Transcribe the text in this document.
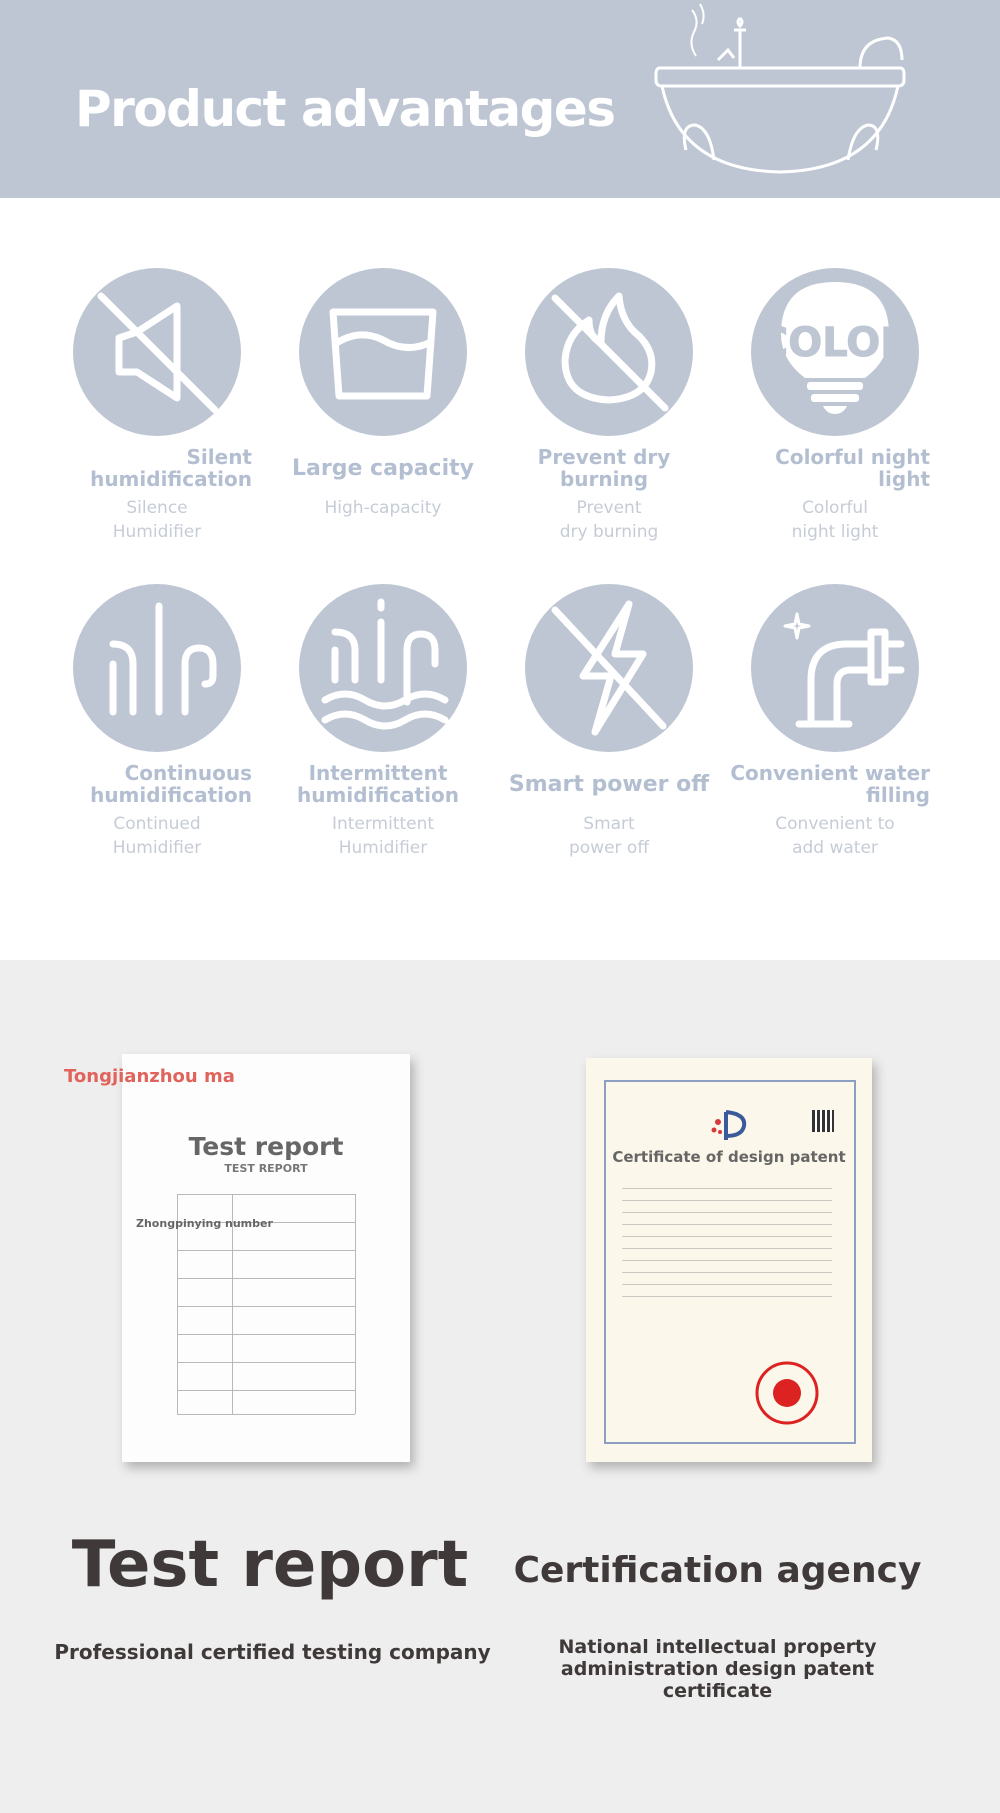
Product advantages
Silent humidification
Silence
Humidifier
Large capacity
High-capacity
Prevent dry burning
Prevent
dry burning
COLOR
Colorful night light
Colorful
night light
Continuous humidification
Continued
Humidifier
Intermittent humidification
Intermittent
Humidifier
Smart power off
Smart
power off
Convenient water filling
Convenient to
add water
Test report
TEST REPORT
Tongjianzhou ma
Zhongpinying number
Certificate of design patent
Test report	Certification agency
Professional certified testing company	National intellectual property administration design patent certificate
